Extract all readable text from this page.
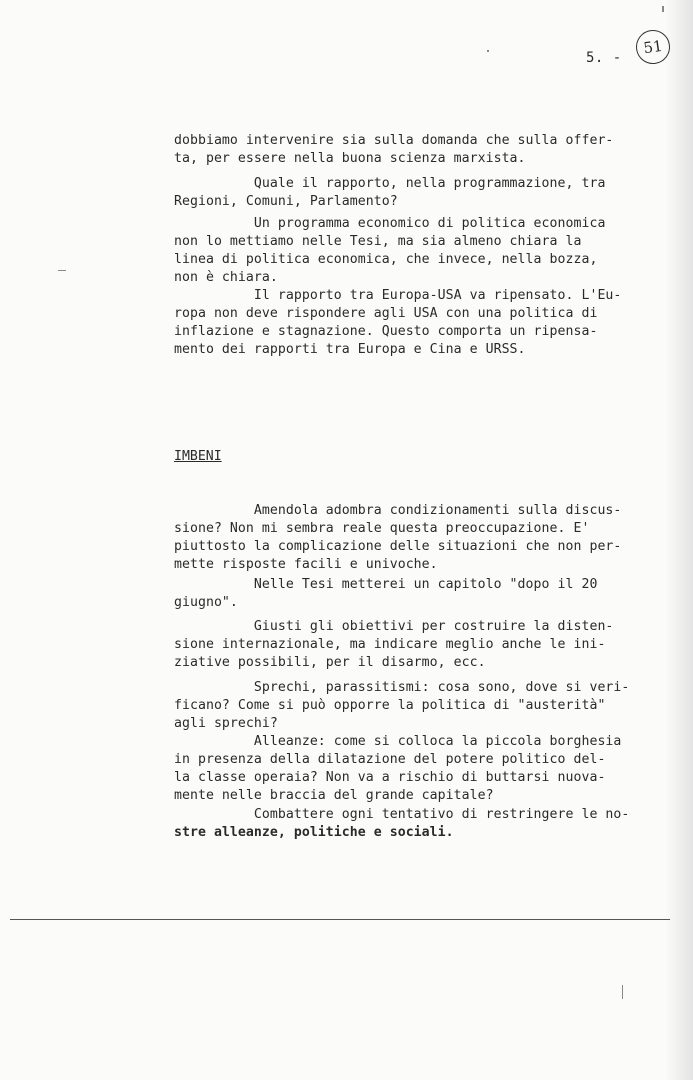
5. -
51
dobbiamo intervenire sia sulla domanda che sulla offer-
ta, per essere nella buona scienza marxista.
Quale il rapporto, nella programmazione, tra
Regioni, Comuni, Parlamento?
Un programma economico di politica economica
non lo mettiamo nelle Tesi, ma sia almeno chiara la
linea di politica economica, che invece, nella bozza,
non è chiara.
Il rapporto tra Europa-USA va ripensato. L'Eu-
ropa non deve rispondere agli USA con una politica di
inflazione e stagnazione. Questo comporta un ripensa-
mento dei rapporti tra Europa e Cina e URSS.
IMBENI
Amendola adombra condizionamenti sulla discus-
sione? Non mi sembra reale questa preoccupazione. E'
piuttosto la complicazione delle situazioni che non per-
mette risposte facili e univoche.
Nelle Tesi metterei un capitolo "dopo il 20
giugno".
Giusti gli obiettivi per costruire la disten-
sione internazionale, ma indicare meglio anche le ini-
ziative possibili, per il disarmo, ecc.
Sprechi, parassitismi: cosa sono, dove si veri-
ficano? Come si può opporre la politica di "austerità"
agli sprechi?
Alleanze: come si colloca la piccola borghesia
in presenza della dilatazione del potere politico del-
la classe operaia? Non va a rischio di buttarsi nuova-
mente nelle braccia del grande capitale?
Combattere ogni tentativo di restringere le no-
stre alleanze, politiche e sociali.
